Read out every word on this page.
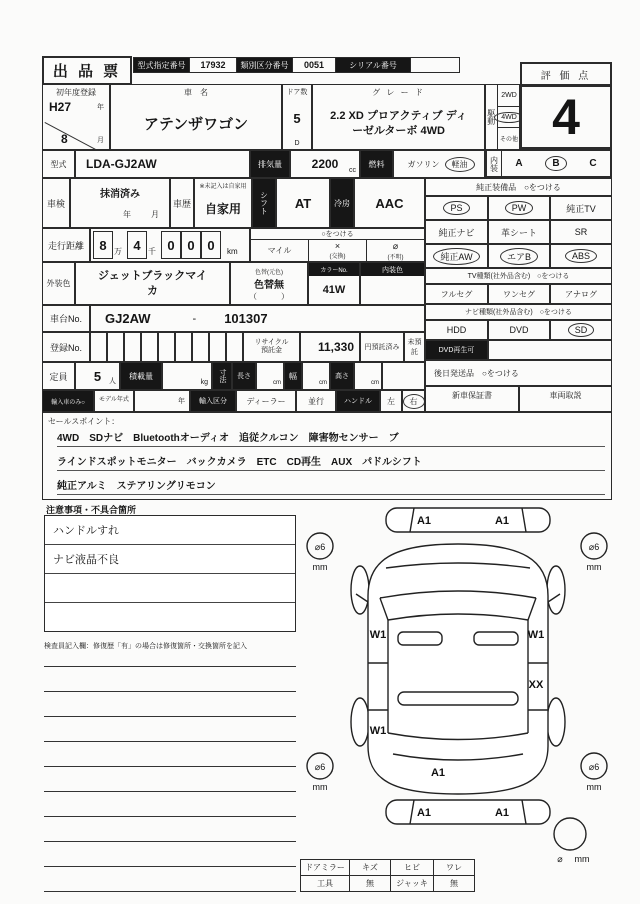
出 品 票	型式指定番号	17932	類別区分番号	0051	シリアル番号
評 価 点
4
初年度登録
H27	年
8	月
車　名
アテンザワゴン
ドア数
5
D
グ レ ー ド
2.2 XD プロアクティブ ディーゼルターボ 4WD
駆動
2WD
4WD
その他
型式	LDA-GJ2AW	排気量	2200 cc
燃料	ガソリン	軽油	内装	A	B	C
車検
抹消済み
年	月
車歴
※未記入は自家用
自家用	シフト	AT	冷房	AAC
走行距離	8 万 4 千 0 0 0	km
○をつける
マイル	×
(交換)
⌀
(不明)
外装色
ジェットブラックマイカ
色替(元色)
色替無
（　　　）
カラーNo.
41W
内装色
車台No.	GJ2AW	- 101307
登録No.
リサイクル
預託金	11,330	円預託済み
未預託
定員	5 人
積載量
kg	寸法	長さ
cm
幅
cm
高さ
cm
輸入車のみ○	モデル年式	年	輸入区分	ディーラー	並行	ハンドル	左	右
純正装備品　○をつける
PS	PW	純正TV
純正ナビ	革シート	SR
純正AW	エアB	ABS
TV種類(社外品含む)　○をつける
フルセグ	ワンセグ	アナログ
ナビ種類(社外品含む)　○をつける
HDD	DVD	SD
DVD再生可
後日発送品　○をつける
新車保証書	車両取説
セールスポイント：
4WD　SDナビ　Bluetoothオーディオ　追従クルコン　障害物センサー　ブ
ラインドスポットモニター　バックカメラ　ETC　CD再生　AUX　パドルシフト
純正アルミ　ステアリングリモコン
注意事項・不具合箇所
ハンドルすれ
ナビ液晶不良
検査員記入欄：修復歴「有」の場合は修復箇所・交換箇所を記入
A1	A1
W1	W1
XX
W1
A1
A1	A1
⌀6
mm
⌀6
mm
⌀6
mm
⌀6
mm
⌀ mm
ドアミラー	キズ	ヒビ	ワレ
工具	無	ジャッキ	無
